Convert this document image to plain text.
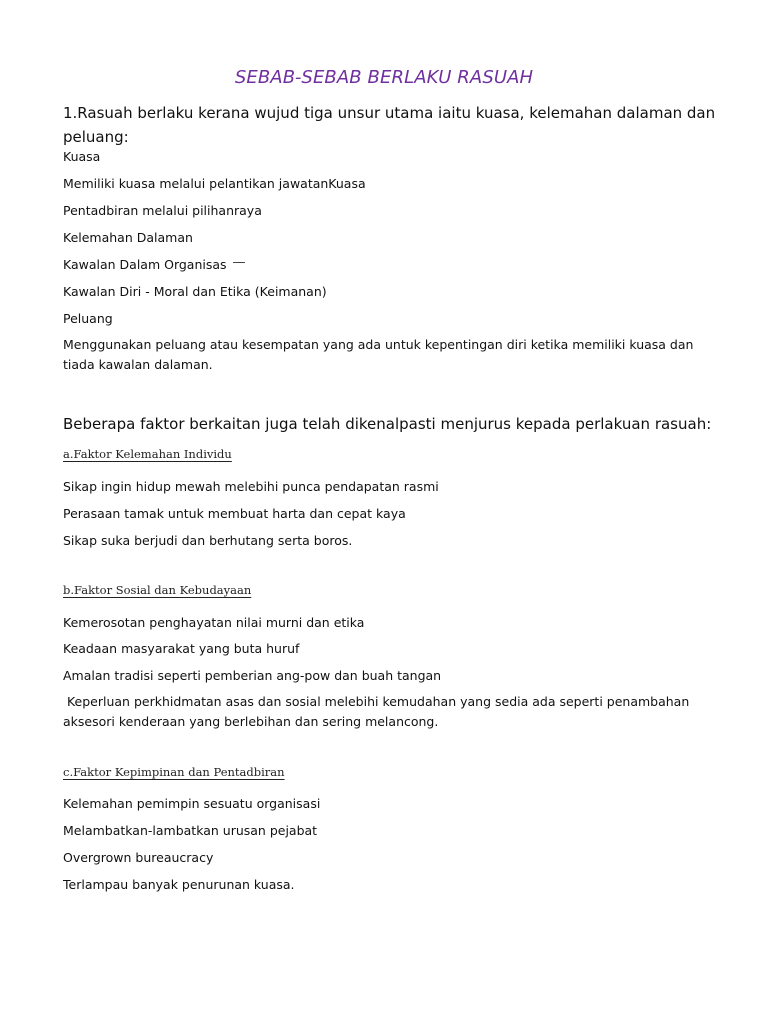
SEBAB-SEBAB BERLAKU RASUAH
1.Rasuah berlaku kerana wujud tiga unsur utama iaitu kuasa, kelemahan dalaman dan
peluang:
Kuasa
Memiliki kuasa melalui pelantikan jawatanKuasa
Pentadbiran melalui pilihanraya
Kelemahan Dalaman
Kawalan Dalam Organisas
Kawalan Diri - Moral dan Etika (Keimanan)
Peluang
Menggunakan peluang atau kesempatan yang ada untuk kepentingan diri ketika memiliki kuasa dan
tiada kawalan dalaman.
Beberapa faktor berkaitan juga telah dikenalpasti menjurus kepada perlakuan rasuah:
a.Faktor Kelemahan Individu
Sikap ingin hidup mewah melebihi punca pendapatan rasmi
Perasaan tamak untuk membuat harta dan cepat kaya
Sikap suka berjudi dan berhutang serta boros.
b.Faktor Sosial dan Kebudayaan
Kemerosotan penghayatan nilai murni dan etika
Keadaan masyarakat yang buta huruf
Amalan tradisi seperti pemberian ang-pow dan buah tangan
Keperluan perkhidmatan asas dan sosial melebihi kemudahan yang sedia ada seperti penambahan
aksesori kenderaan yang berlebihan dan sering melancong.
c.Faktor Kepimpinan dan Pentadbiran
Kelemahan pemimpin sesuatu organisasi
Melambatkan-lambatkan urusan pejabat
Overgrown bureaucracy
Terlampau banyak penurunan kuasa.
